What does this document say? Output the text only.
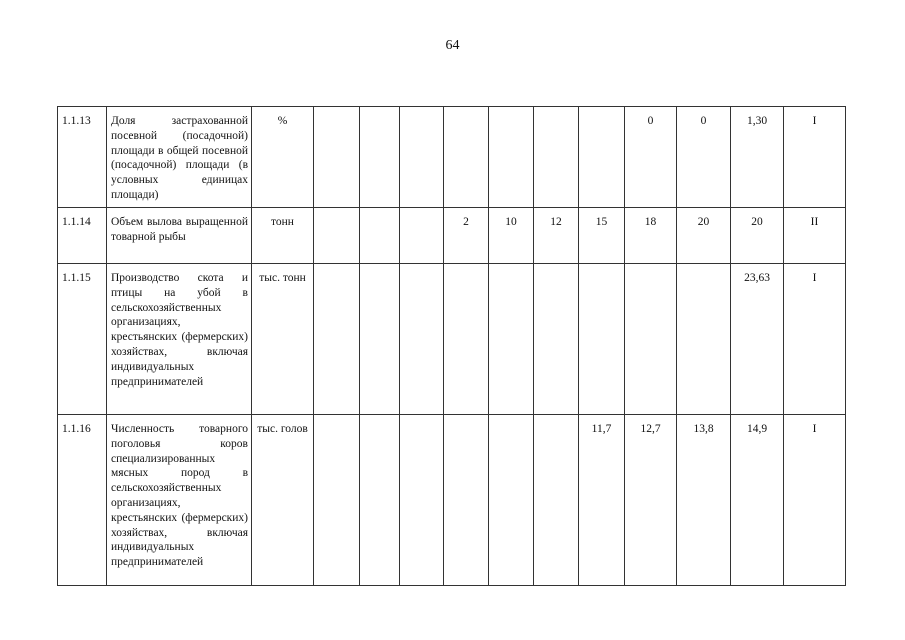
64
1.1.13	Доля застрахованной посевной (посадочной) площади в общей посевной (посадочной) площади (в условных единицах площади)	%								0	0	1,30	I
1.1.14	Объем вылова выращенной товарной рыбы	тонн				2	10	12	15	18	20	20	II
1.1.15	Производство скота и птицы на убой в сельскохозяйственных организациях, крестьянских (фермерских) хозяйствах, включая индивидуальных предпринимателей	тыс. тонн										23,63	I
1.1.16	Численность товарного поголовья коров специализированных мясных пород в сельскохозяйственных организациях, крестьянских (фермерских) хозяйствах, включая индивидуальных предпринимателей	тыс. голов							11,7	12,7	13,8	14,9	I
